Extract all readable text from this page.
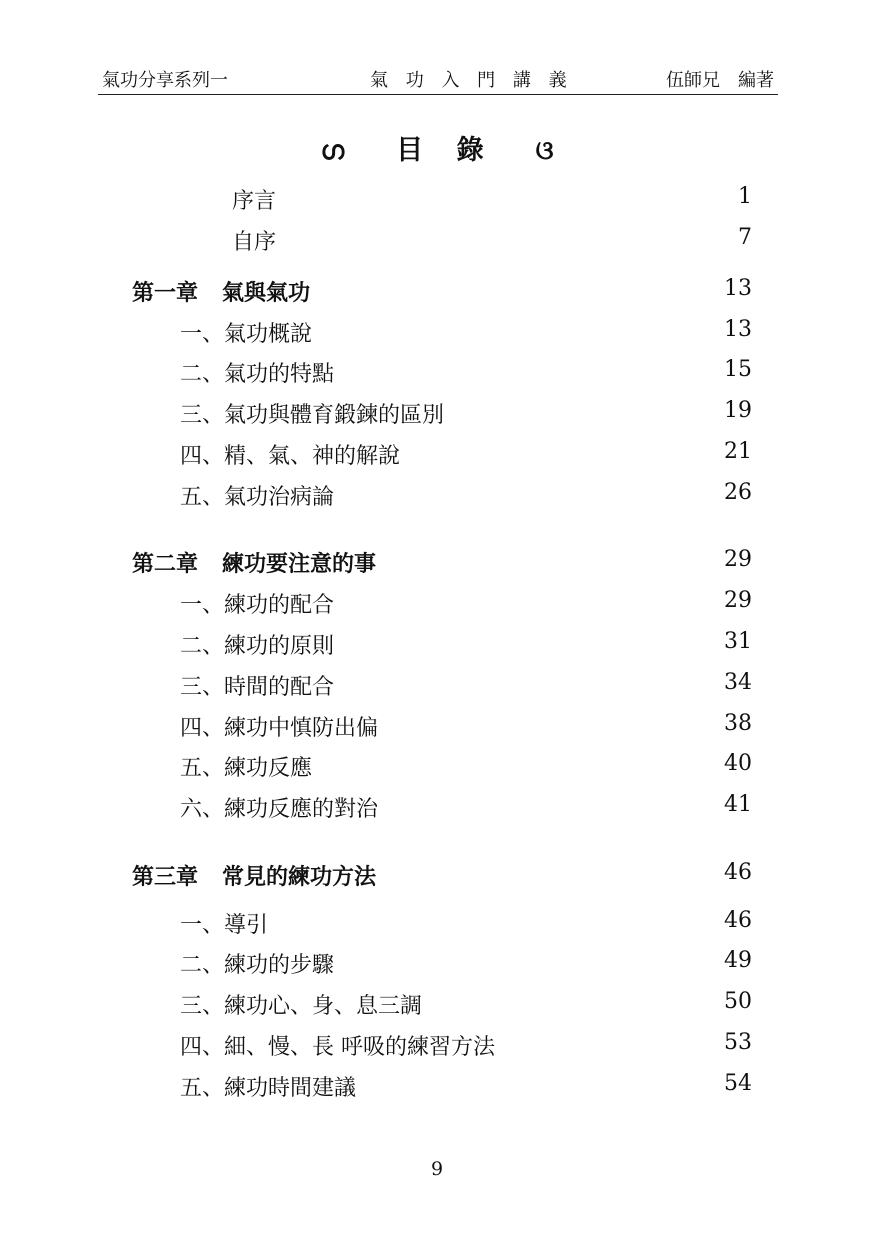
氣功分享系列一	氣 功 入 門 講 義	伍師兄　編著
ഗ 目 錄 ଓ
序言	1
自序	7
第一章 氣與氣功	13
一、氣功概說	13
二、氣功的特點	15
三、氣功與體育鍛鍊的區別	19
四、精、氣、神的解說	21
五、氣功治病論	26
第二章 練功要注意的事	29
一、練功的配合	29
二、練功的原則	31
三、時間的配合	34
四、練功中慎防出偏	38
五、練功反應	40
六、練功反應的對治	41
第三章 常見的練功方法	46
一、導引	46
二、練功的步驟	49
三、練功心、身、息三調	50
四、細、慢、長 呼吸的練習方法	53
五、練功時間建議	54
9
